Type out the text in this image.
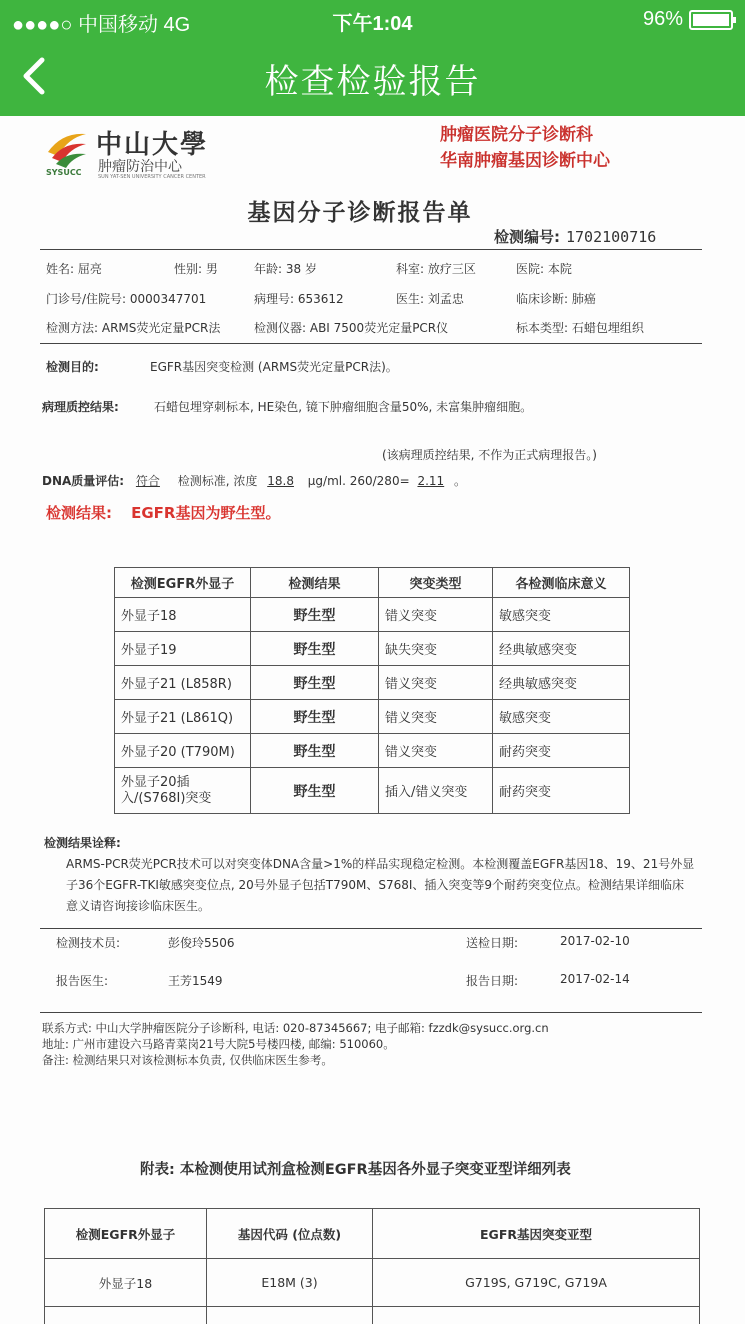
●●●●○ 中国移动 4G	下午1:04	96%
检查检验报告
中山大學
肿瘤防治中心
SUN YAT-SEN UNIVERSITY CANCER CENTER
SYSUCC
肿瘤医院分子诊断科
华南肿瘤基因诊断中心
基因分子诊断报告单
检测编号: 1702100716
姓名: 屈亮	性别: 男	年龄: 38 岁	科室: 放疗三区	医院: 本院
门诊号/住院号: 0000347701	病理号: 653612	医生: 刘孟忠	临床诊断: 肺癌
检测方法: ARMS荧光定量PCR法	检测仪器: ABI 7500荧光定量PCR仪	标本类型: 石蜡包埋组织
检测目的:	EGFR基因突变检测 (ARMS荧光定量PCR法)。
病理质控结果:	石蜡包埋穿刺标本, HE染色, 镜下肿瘤细胞含量50%, 未富集肿瘤细胞。
(该病理质控结果, 不作为正式病理报告。)
DNA质量评估: 符合 检测标准, 浓度 18.8 μg/ml. 260/280= 2.11 。
检测结果: EGFR基因为野生型。
检测EGFR外显子	检测结果	突变类型	各检测临床意义
外显子18	野生型	错义突变	敏感突变
外显子19	野生型	缺失突变	经典敏感突变
外显子21 (L858R)	野生型	错义突变	经典敏感突变
外显子21 (L861Q)	野生型	错义突变	敏感突变
外显子20 (T790M)	野生型	错义突变	耐药突变
外显子20插入/(S768I)突变	野生型	插入/错义突变	耐药突变
检测结果诠释:
ARMS-PCR荧光PCR技术可以对突变体DNA含量>1%的样品实现稳定检测。本检测覆盖EGFR基因18、19、21号外显子36个EGFR-TKI敏感突变位点, 20号外显子包括T790M、S768I、插入突变等9个耐药突变位点。检测结果详细临床意义请咨询接诊临床医生。
检测技术员:	彭俊玲5506	送检日期:	2017-02-10
报告医生:	王芳1549	报告日期:	2017-02-14
联系方式: 中山大学肿瘤医院分子诊断科, 电话: 020-87345667; 电子邮箱: fzzdk@sysucc.org.cn
地址: 广州市建设六马路青菜岗21号大院5号楼四楼, 邮编: 510060。
备注: 检测结果只对该检测标本负责, 仅供临床医生参考。
附表: 本检测使用试剂盒检测EGFR基因各外显子突变亚型详细列表
检测EGFR外显子	基因代码 (位点数)	EGFR基因突变亚型
外显子18	E18M (3)	G719S, G719C, G719A
